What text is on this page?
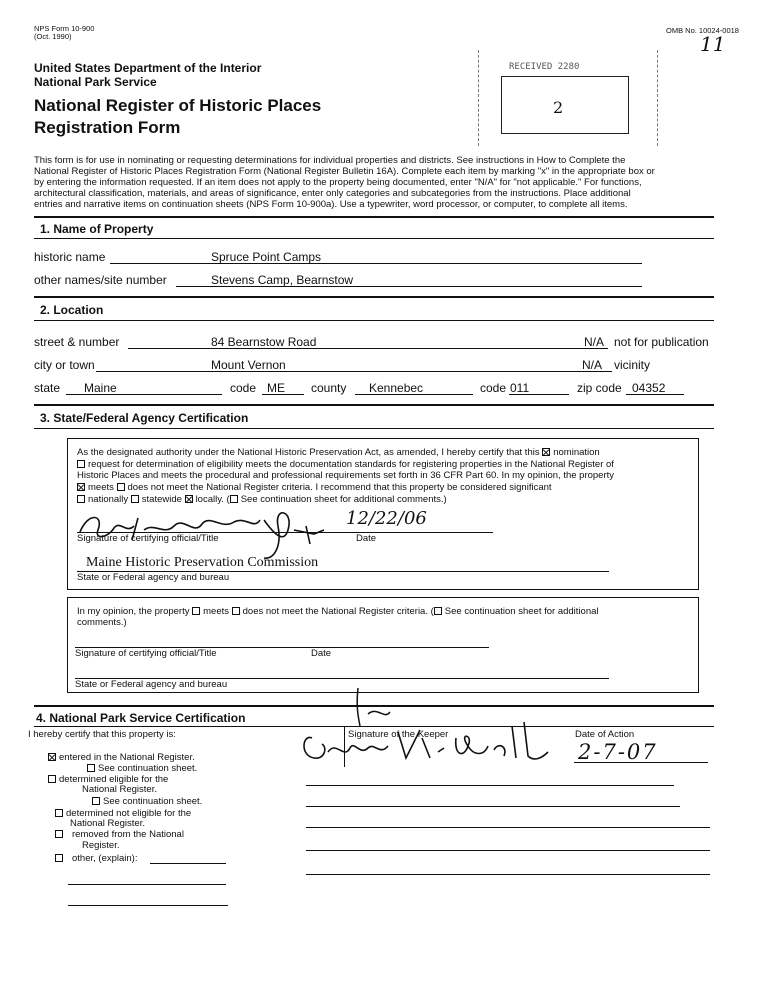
NPS Form 10-900
(Oct. 1990)
OMB No. 10024-0018
11
United States Department of the Interior
National Park Service
National Register of Historic Places
Registration Form
RECEIVED 2280
2
This form is for use in nominating or requesting determinations for individual properties and districts. See instructions in How to Complete the
National Register of Historic Places Registration Form (National Register Bulletin 16A). Complete each item by marking "x" in the appropriate box or
by entering the information requested. If an item does not apply to the property being documented, enter "N/A" for "not applicable." For functions,
architectural classification, materials, and areas of significance, enter only categories and subcategories from the instructions. Place additional
entries and narrative items on continuation sheets (NPS Form 10-900a). Use a typewriter, word processor, or computer, to complete all items.
1. Name of Property
historic name	Spruce Point Camps
other names/site number	Stevens Camp, Bearnstow
2. Location
street & number	84 Bearnstow Road	N/A not for publication
city or town	Mount Vernon	N/A vicinity
state Maine	code ME county Kennebec	code 011	zip code 04352
3. State/Federal Agency Certification
As the designated authority under the National Historic Preservation Act, as amended, I hereby certify that this nomination
request for determination of eligibility meets the documentation standards for registering properties in the National Register of
Historic Places and meets the procedural and professional requirements set forth in 36 CFR Part 60. In my opinion, the property
meets does not meet the National Register criteria. I recommend that this property be considered significant
nationally statewide locally. ( See continuation sheet for additional comments.)
12/22/06
Signature of certifying official/Title	Date
Maine Historic Preservation Commission
State or Federal agency and bureau
In my opinion, the property meets does not meet the National Register criteria. ( See continuation sheet for additional
comments.)
Signature of certifying official/Title	Date
State or Federal agency and bureau
4. National Park Service Certification
I hereby certify that this property is:	Signature of the Keeper	Date of Action
2-7-07
entered in the National Register.
See continuation sheet.
determined eligible for the
National Register.
See continuation sheet.
determined not eligible for the
National Register.
removed from the National
Register.
other, (explain):
